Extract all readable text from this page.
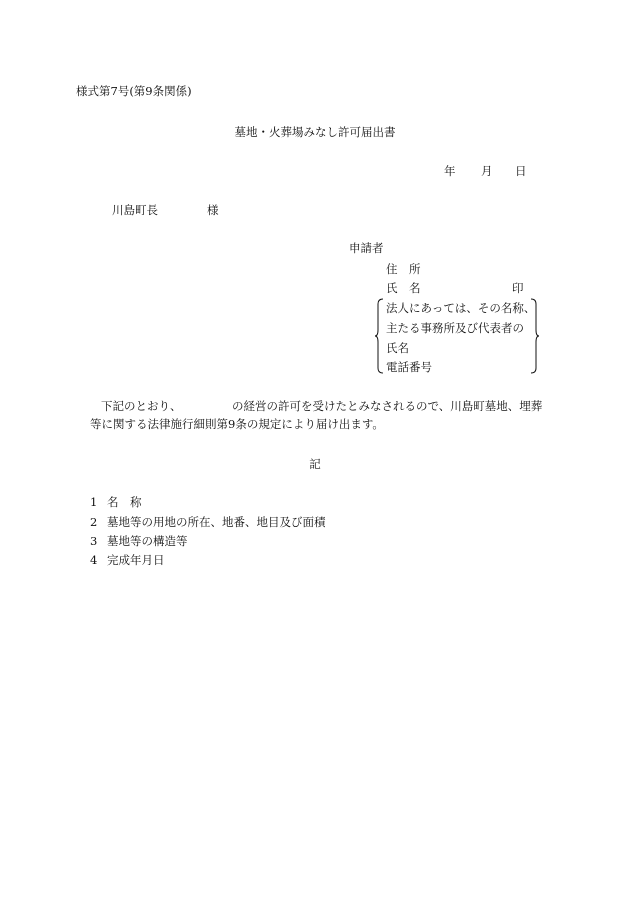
様式第7号(第9条関係)
墓地・火葬場みなし許可届出書
年 月 日
川島町長	様
申請者
住 所
氏 名	印
法人にあっては、その名称、
主たる事務所及び代表者の
氏名
電話番号
下記のとおり、	の経営の許可を受けたとみなされるので、川島町墓地、埋葬
等に関する法律施行細則第9条の規定により届け出ます。
記
1 名　称
2 墓地等の用地の所在、地番、地目及び面積
3 墓地等の構造等
4 完成年月日
